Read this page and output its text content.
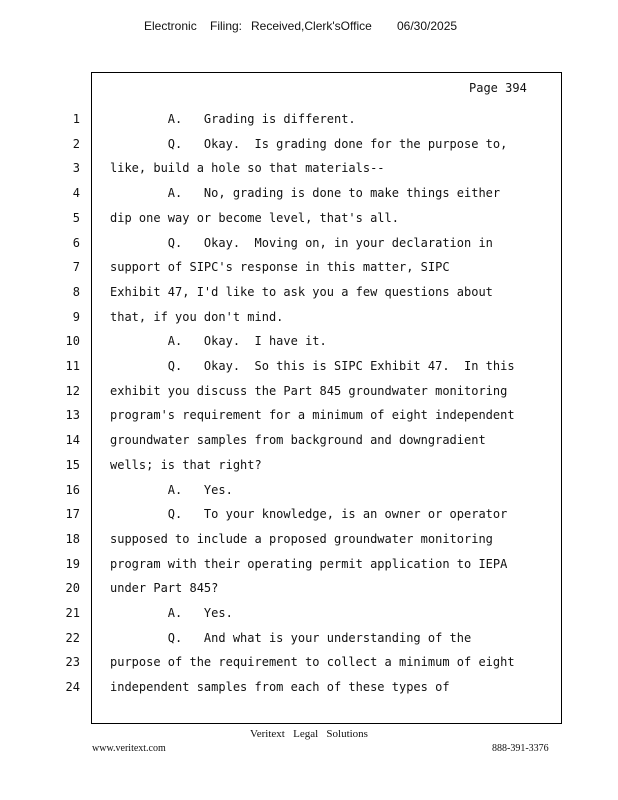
Electronic Filing: Received,Clerk'sOffice 06/30/2025
Page 394
1	A.   Grading is different.
2	Q.   Okay.  Is grading done for the purpose to,
3	like, build a hole so that materials--
4	A.   No, grading is done to make things either
5	dip one way or become level, that's all.
6	Q.   Okay.  Moving on, in your declaration in
7	support of SIPC's response in this matter, SIPC
8	Exhibit 47, I'd like to ask you a few questions about
9	that, if you don't mind.
10	A.   Okay.  I have it.
11	Q.   Okay.  So this is SIPC Exhibit 47.  In this
12	exhibit you discuss the Part 845 groundwater monitoring
13	program's requirement for a minimum of eight independent
14	groundwater samples from background and downgradient
15	wells; is that right?
16	A.   Yes.
17	Q.   To your knowledge, is an owner or operator
18	supposed to include a proposed groundwater monitoring
19	program with their operating permit application to IEPA
20	under Part 845?
21	A.   Yes.
22	Q.   And what is your understanding of the
23	purpose of the requirement to collect a minimum of eight
24	independent samples from each of these types of
Veritext   Legal   Solutions
www.veritext.com	888-391-3376
